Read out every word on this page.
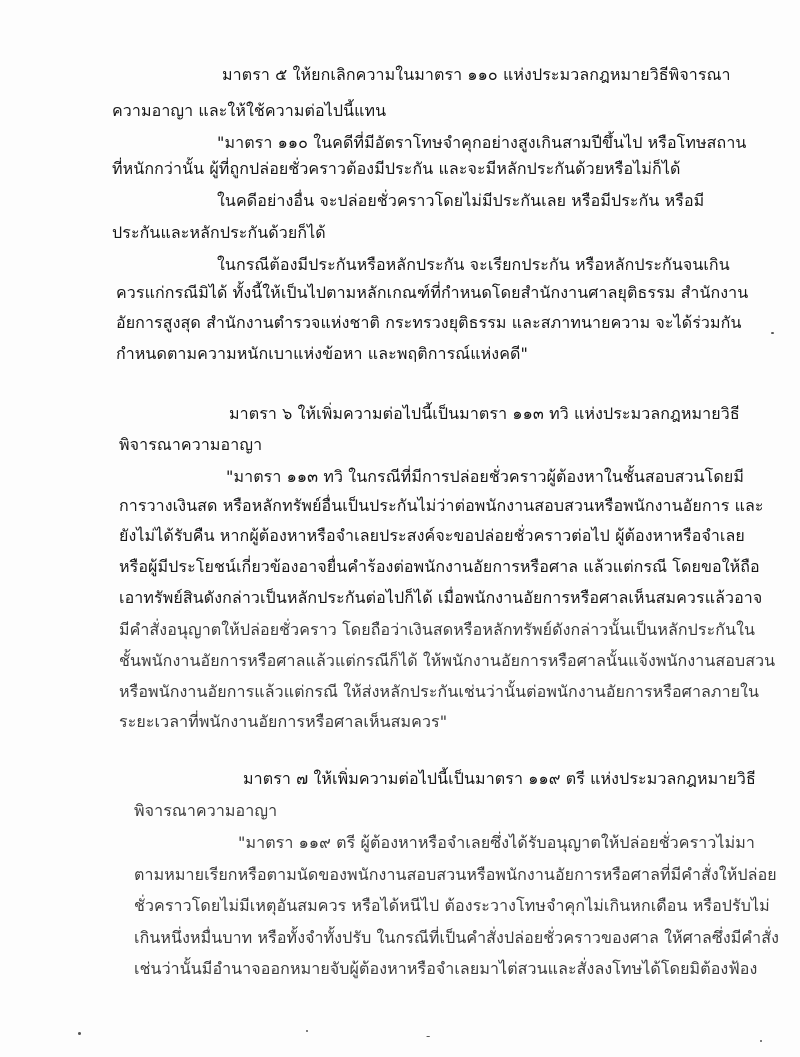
มาตรา ๕ ให้ยกเลิกความในมาตรา ๑๑๐ แห่งประมวลกฎหมายวิธีพิจารณา
ความอาญา และให้ใช้ความต่อไปนี้แทน
"มาตรา ๑๑๐ ในคดีที่มีอัตราโทษจำคุกอย่างสูงเกินสามปีขึ้นไป หรือโทษสถาน
ที่หนักกว่านั้น ผู้ที่ถูกปล่อยชั่วคราวต้องมีประกัน และจะมีหลักประกันด้วยหรือไม่ก็ได้
ในคดีอย่างอื่น จะปล่อยชั่วคราวโดยไม่มีประกันเลย หรือมีประกัน หรือมี
ประกันและหลักประกันด้วยก็ได้
ในกรณีต้องมีประกันหรือหลักประกัน จะเรียกประกัน หรือหลักประกันจนเกิน
ควรแก่กรณีมิได้ ทั้งนี้ให้เป็นไปตามหลักเกณฑ์ที่กำหนดโดยสำนักงานศาลยุติธรรม สำนักงาน
อัยการสูงสุด สำนักงานตำรวจแห่งชาติ กระทรวงยุติธรรม และสภาทนายความ จะได้ร่วมกัน
กำหนดตามความหนักเบาแห่งข้อหา และพฤติการณ์แห่งคดี"
มาตรา ๖ ให้เพิ่มความต่อไปนี้เป็นมาตรา ๑๑๓ ทวิ แห่งประมวลกฎหมายวิธี
พิจารณาความอาญา
"มาตรา ๑๑๓ ทวิ ในกรณีที่มีการปล่อยชั่วคราวผู้ต้องหาในชั้นสอบสวนโดยมี
การวางเงินสด หรือหลักทรัพย์อื่นเป็นประกันไม่ว่าต่อพนักงานสอบสวนหรือพนักงานอัยการ และ
ยังไม่ได้รับคืน หากผู้ต้องหาหรือจำเลยประสงค์จะขอปล่อยชั่วคราวต่อไป ผู้ต้องหาหรือจำเลย
หรือผู้มีประโยชน์เกี่ยวข้องอาจยื่นคำร้องต่อพนักงานอัยการหรือศาล แล้วแต่กรณี โดยขอให้ถือ
เอาทรัพย์สินดังกล่าวเป็นหลักประกันต่อไปก็ได้ เมื่อพนักงานอัยการหรือศาลเห็นสมควรแล้วอาจ
มีคำสั่งอนุญาตให้ปล่อยชั่วคราว โดยถือว่าเงินสดหรือหลักทรัพย์ดังกล่าวนั้นเป็นหลักประกันใน
ชั้นพนักงานอัยการหรือศาลแล้วแต่กรณีก็ได้ ให้พนักงานอัยการหรือศาลนั้นแจ้งพนักงานสอบสวน
หรือพนักงานอัยการแล้วแต่กรณี ให้ส่งหลักประกันเช่นว่านั้นต่อพนักงานอัยการหรือศาลภายใน
ระยะเวลาที่พนักงานอัยการหรือศาลเห็นสมควร"
มาตรา ๗ ให้เพิ่มความต่อไปนี้เป็นมาตรา ๑๑๙ ตรี แห่งประมวลกฎหมายวิธี
พิจารณาความอาญา
"มาตรา ๑๑๙ ตรี ผู้ต้องหาหรือจำเลยซึ่งได้รับอนุญาตให้ปล่อยชั่วคราวไม่มา
ตามหมายเรียกหรือตามนัดของพนักงานสอบสวนหรือพนักงานอัยการหรือศาลที่มีคำสั่งให้ปล่อย
ชั่วคราวโดยไม่มีเหตุอันสมควร หรือได้หนีไป ต้องระวางโทษจำคุกไม่เกินหกเดือน หรือปรับไม่
เกินหนึ่งหมื่นบาท หรือทั้งจำทั้งปรับ ในกรณีที่เป็นคำสั่งปล่อยชั่วคราวของศาล ให้ศาลซึ่งมีคำสั่ง
เช่นว่านั้นมีอำนาจออกหมายจับผู้ต้องหาหรือจำเลยมาไต่สวนและสั่งลงโทษได้โดยมิต้องฟ้อง
-
